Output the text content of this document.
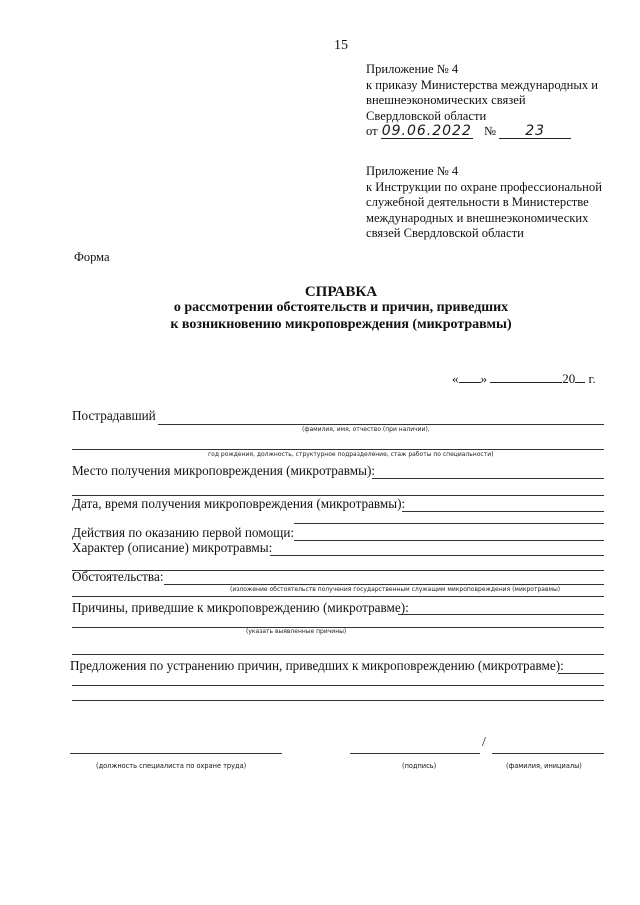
15
Приложение № 4
к приказу Министерства международных и
внешнеэкономических связей
Свердловской области
от 09.06.2022 № 23
Приложение № 4
к Инструкции по охране профессиональной
служебной деятельности в Министерстве
международных и внешнеэкономических
связей Свердловской области
Форма
СПРАВКА
о рассмотрении обстоятельств и причин, приведших
к возникновению микроповреждения (микротравмы)
« »	20 г.
Пострадавший
(фамилия, имя, отчество (при наличии),
год рождения, должность, структурное подразделение, стаж работы по специальности)
Место получения микроповреждения (микротравмы):
Дата, время получения микроповреждения (микротравмы):
Действия по оказанию первой помощи:
Характер (описание) микротравмы:
Обстоятельства:
(изложение обстоятельств получения государственным служащим микроповреждения (микротравмы)
Причины, приведшие к микроповреждению (микротравме):
(указать выявленные причины)
Предложения по устранению причин, приведших к микроповреждению (микротравме):
/
(должность специалиста по охране труда)	(подпись)	(фамилия, инициалы)
